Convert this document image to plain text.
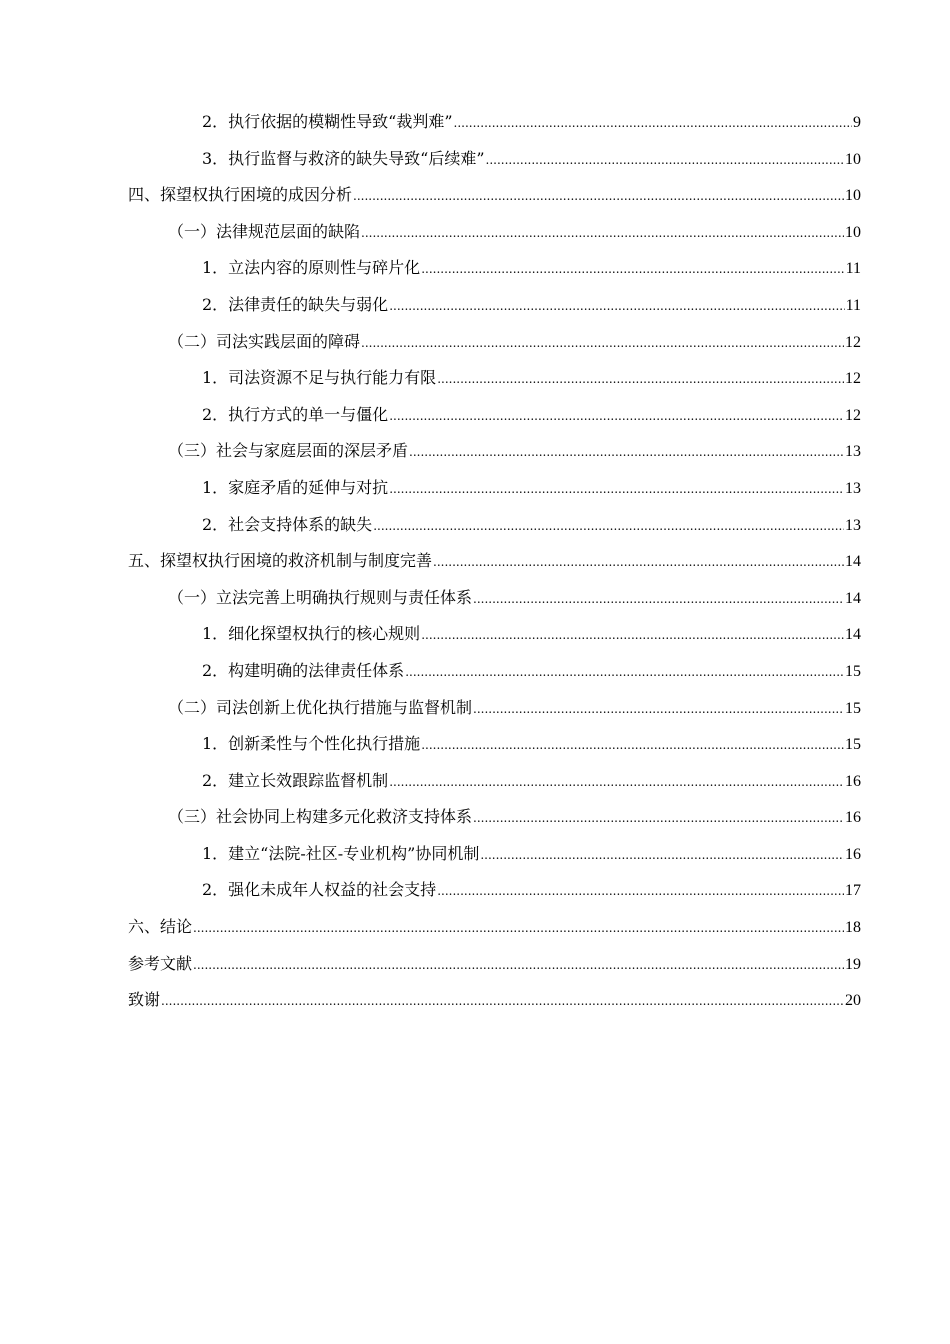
2．执行依据的模糊性导致“裁判难” .....	9
3．执行监督与救济的缺失导致“后续难” .....	10
四、探望权执行困境的成因分析 .....	10
（一）法律规范层面的缺陷 .....	10
1．立法内容的原则性与碎片化 .....	11
2．法律责任的缺失与弱化 .....	11
（二）司法实践层面的障碍 .....	12
1．司法资源不足与执行能力有限 .....	12
2．执行方式的单一与僵化 .....	12
（三）社会与家庭层面的深层矛盾 .....	13
1．家庭矛盾的延伸与对抗 .....	13
2．社会支持体系的缺失 .....	13
五、探望权执行困境的救济机制与制度完善 .....	14
（一）立法完善上明确执行规则与责任体系 .....	14
1．细化探望权执行的核心规则 .....	14
2．构建明确的法律责任体系 .....	15
（二）司法创新上优化执行措施与监督机制 .....	15
1．创新柔性与个性化执行措施 .....	15
2．建立长效跟踪监督机制 .....	16
（三）社会协同上构建多元化救济支持体系 .....	16
1．建立“法院-社区-专业机构”协同机制 .....	16
2．强化未成年人权益的社会支持 .....	17
六、结论 .....	18
参考文献 .....	19
致谢 .....	20
